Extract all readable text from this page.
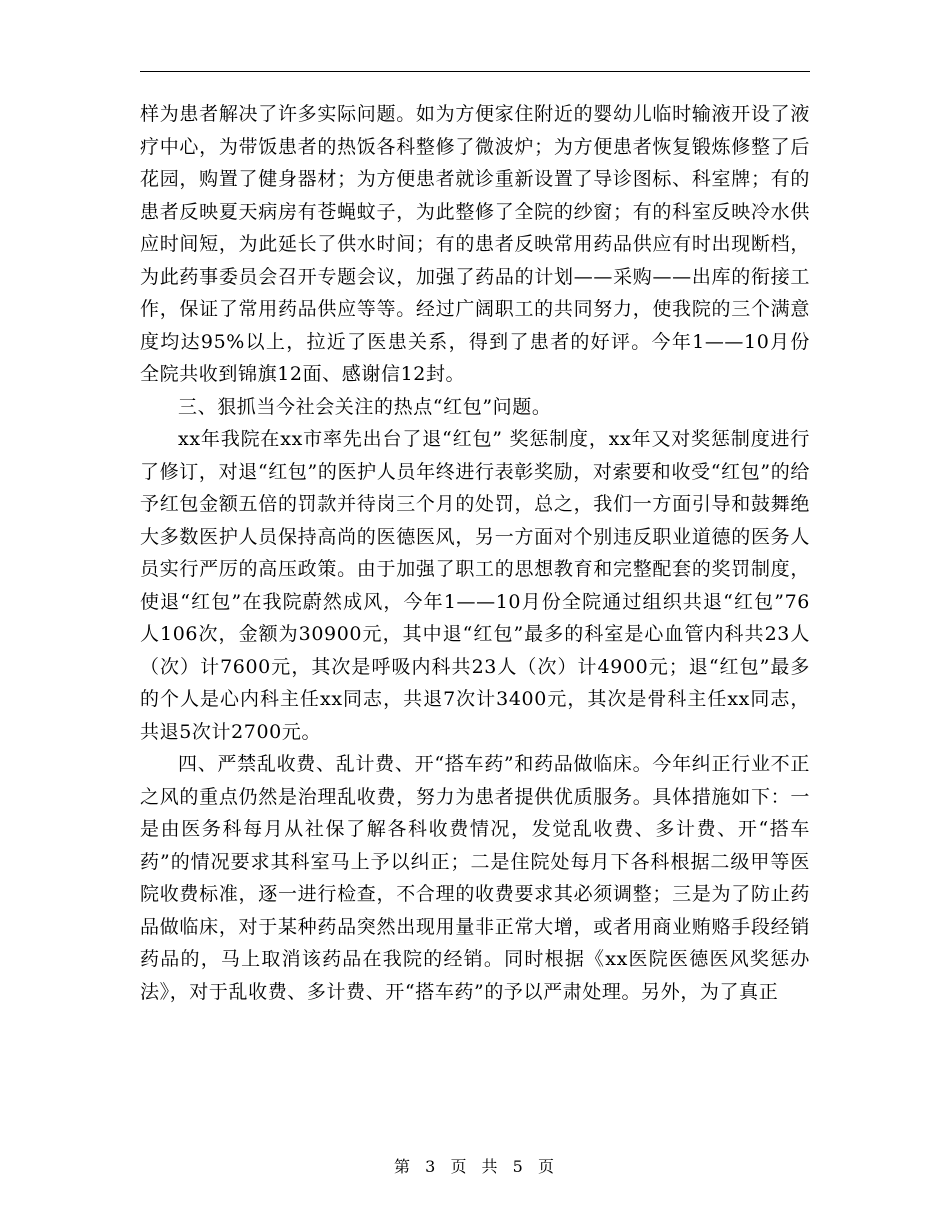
样为患者解决了许多实际问题。如为方便家住附近的婴幼儿临时输液开设了液疗中心，为带饭患者的热饭各科整修了微波炉；为方便患者恢复锻炼修整了后花园，购置了健身器材；为方便患者就诊重新设置了导诊图标、科室牌；有的患者反映夏天病房有苍蝇蚊子，为此整修了全院的纱窗；有的科室反映冷水供应时间短，为此延长了供水时间；有的患者反映常用药品供应有时出现断档，为此药事委员会召开专题会议，加强了药品的计划——采购——出库的衔接工作，保证了常用药品供应等等。经过广阔职工的共同努力，使我院的三个满意度均达95%以上，拉近了医患关系，得到了患者的好评。今年1——10月份全院共收到锦旗12面、感谢信12封。

三、狠抓当今社会关注的热点“红包”问题。

xx年我院在xx市率先出台了退“红包” 奖惩制度，xx年又对奖惩制度进行了修订，对退“红包”的医护人员年终进行表彰奖励，对索要和收受“红包”的给予红包金额五倍的罚款并待岗三个月的处罚，总之，我们一方面引导和鼓舞绝大多数医护人员保持高尚的医德医风，另一方面对个别违反职业道德的医务人员实行严厉的高压政策。由于加强了职工的思想教育和完整配套的奖罚制度，使退“红包”在我院蔚然成风，今年1——10月份全院通过组织共退“红包”76人106次，金额为30900元，其中退“红包”最多的科室是心血管内科共23人（次）计7600元，其次是呼吸内科共23人（次）计4900元；退“红包”最多的个人是心内科主任xx同志，共退7次计3400元，其次是骨科主任xx同志，共退5次计2700元。

四、严禁乱收费、乱计费、开“搭车药”和药品做临床。今年纠正行业不正之风的重点仍然是治理乱收费，努力为患者提供优质服务。具体措施如下：一是由医务科每月从社保了解各科收费情况，发觉乱收费、多计费、开“搭车药”的情况要求其科室马上予以纠正；二是住院处每月下各科根据二级甲等医院收费标准，逐一进行检查，不合理的收费要求其必须调整；三是为了防止药品做临床，对于某种药品突然出现用量非正常大增，或者用商业贿赂手段经销药品的，马上取消该药品在我院的经销。同时根据《xx医院医德医风奖惩办法》，对于乱收费、多计费、开“搭车药”的予以严肃处理。另外，为了真正

第 3 页 共 5 页
